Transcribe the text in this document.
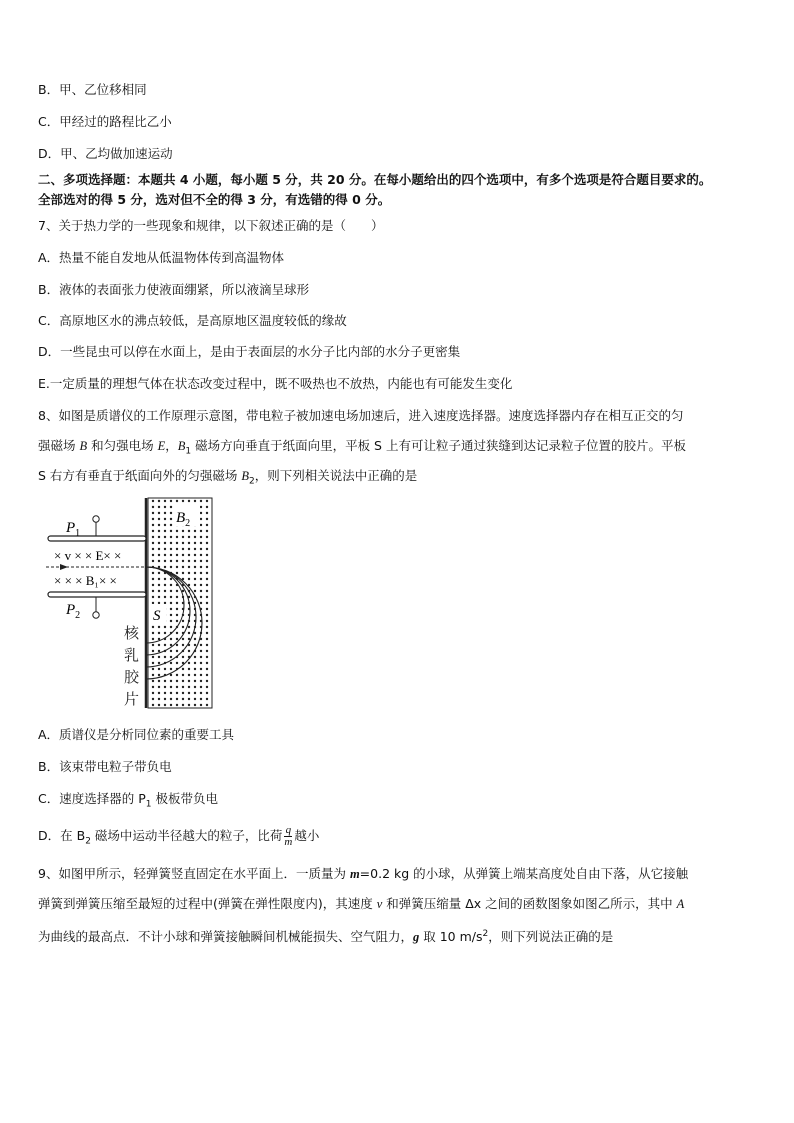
B．甲、乙位移相同
C．甲经过的路程比乙小
D．甲、乙均做加速运动
二、多项选择题：本题共 4 小题，每小题 5 分，共 20 分。在每小题给出的四个选项中，有多个选项是符合题目要求的。
全部选对的得 5 分，选对但不全的得 3 分，有选错的得 0 分。
7、关于热力学的一些现象和规律，以下叙述正确的是（　　）
A．热量不能自发地从低温物体传到高温物体
B．液体的表面张力使液面绷紧，所以液滴呈球形
C．高原地区水的沸点较低，是高原地区温度较低的缘故
D．一些昆虫可以停在水面上，是由于表面层的水分子比内部的水分子更密集
E.一定质量的理想气体在状态改变过程中，既不吸热也不放热，内能也有可能发生变化
8、如图是质谱仪的工作原理示意图，带电粒子被加速电场加速后，进入速度选择器。速度选择器内存在相互正交的匀
强磁场 B 和匀强电场 E，$B_1$ 磁场方向垂直于纸面向里，平板 S 上有可让粒子通过狭缝到达记录粒子位置的胶片。平板
S 右方有垂直于纸面向外的匀强磁场 $B_2$，则下列相关说法中正确的是
$B_2$
$P_1$
× v × × E× ×
× × × B₁× ×
$P_2$	S
核
乳
胶
片
A．质谱仪是分析同位素的重要工具
B．该束带电粒子带负电
C．速度选择器的 $P_1$ 极板带负电
D．在 $B_2$ 磁场中运动半径越大的粒子，比荷 $\frac{q}{m}$ 越小
9、如图甲所示，轻弹簧竖直固定在水平面上．一质量为 m=0.2 kg 的小球，从弹簧上端某高度处自由下落，从它接触
弹簧到弹簧压缩至最短的过程中(弹簧在弹性限度内)，其速度 v 和弹簧压缩量 Δx 之间的函数图象如图乙所示，其中 A
为曲线的最高点．不计小球和弹簧接触瞬间机械能损失、空气阻力，g 取 10 $m/s^2$，则下列说法正确的是
